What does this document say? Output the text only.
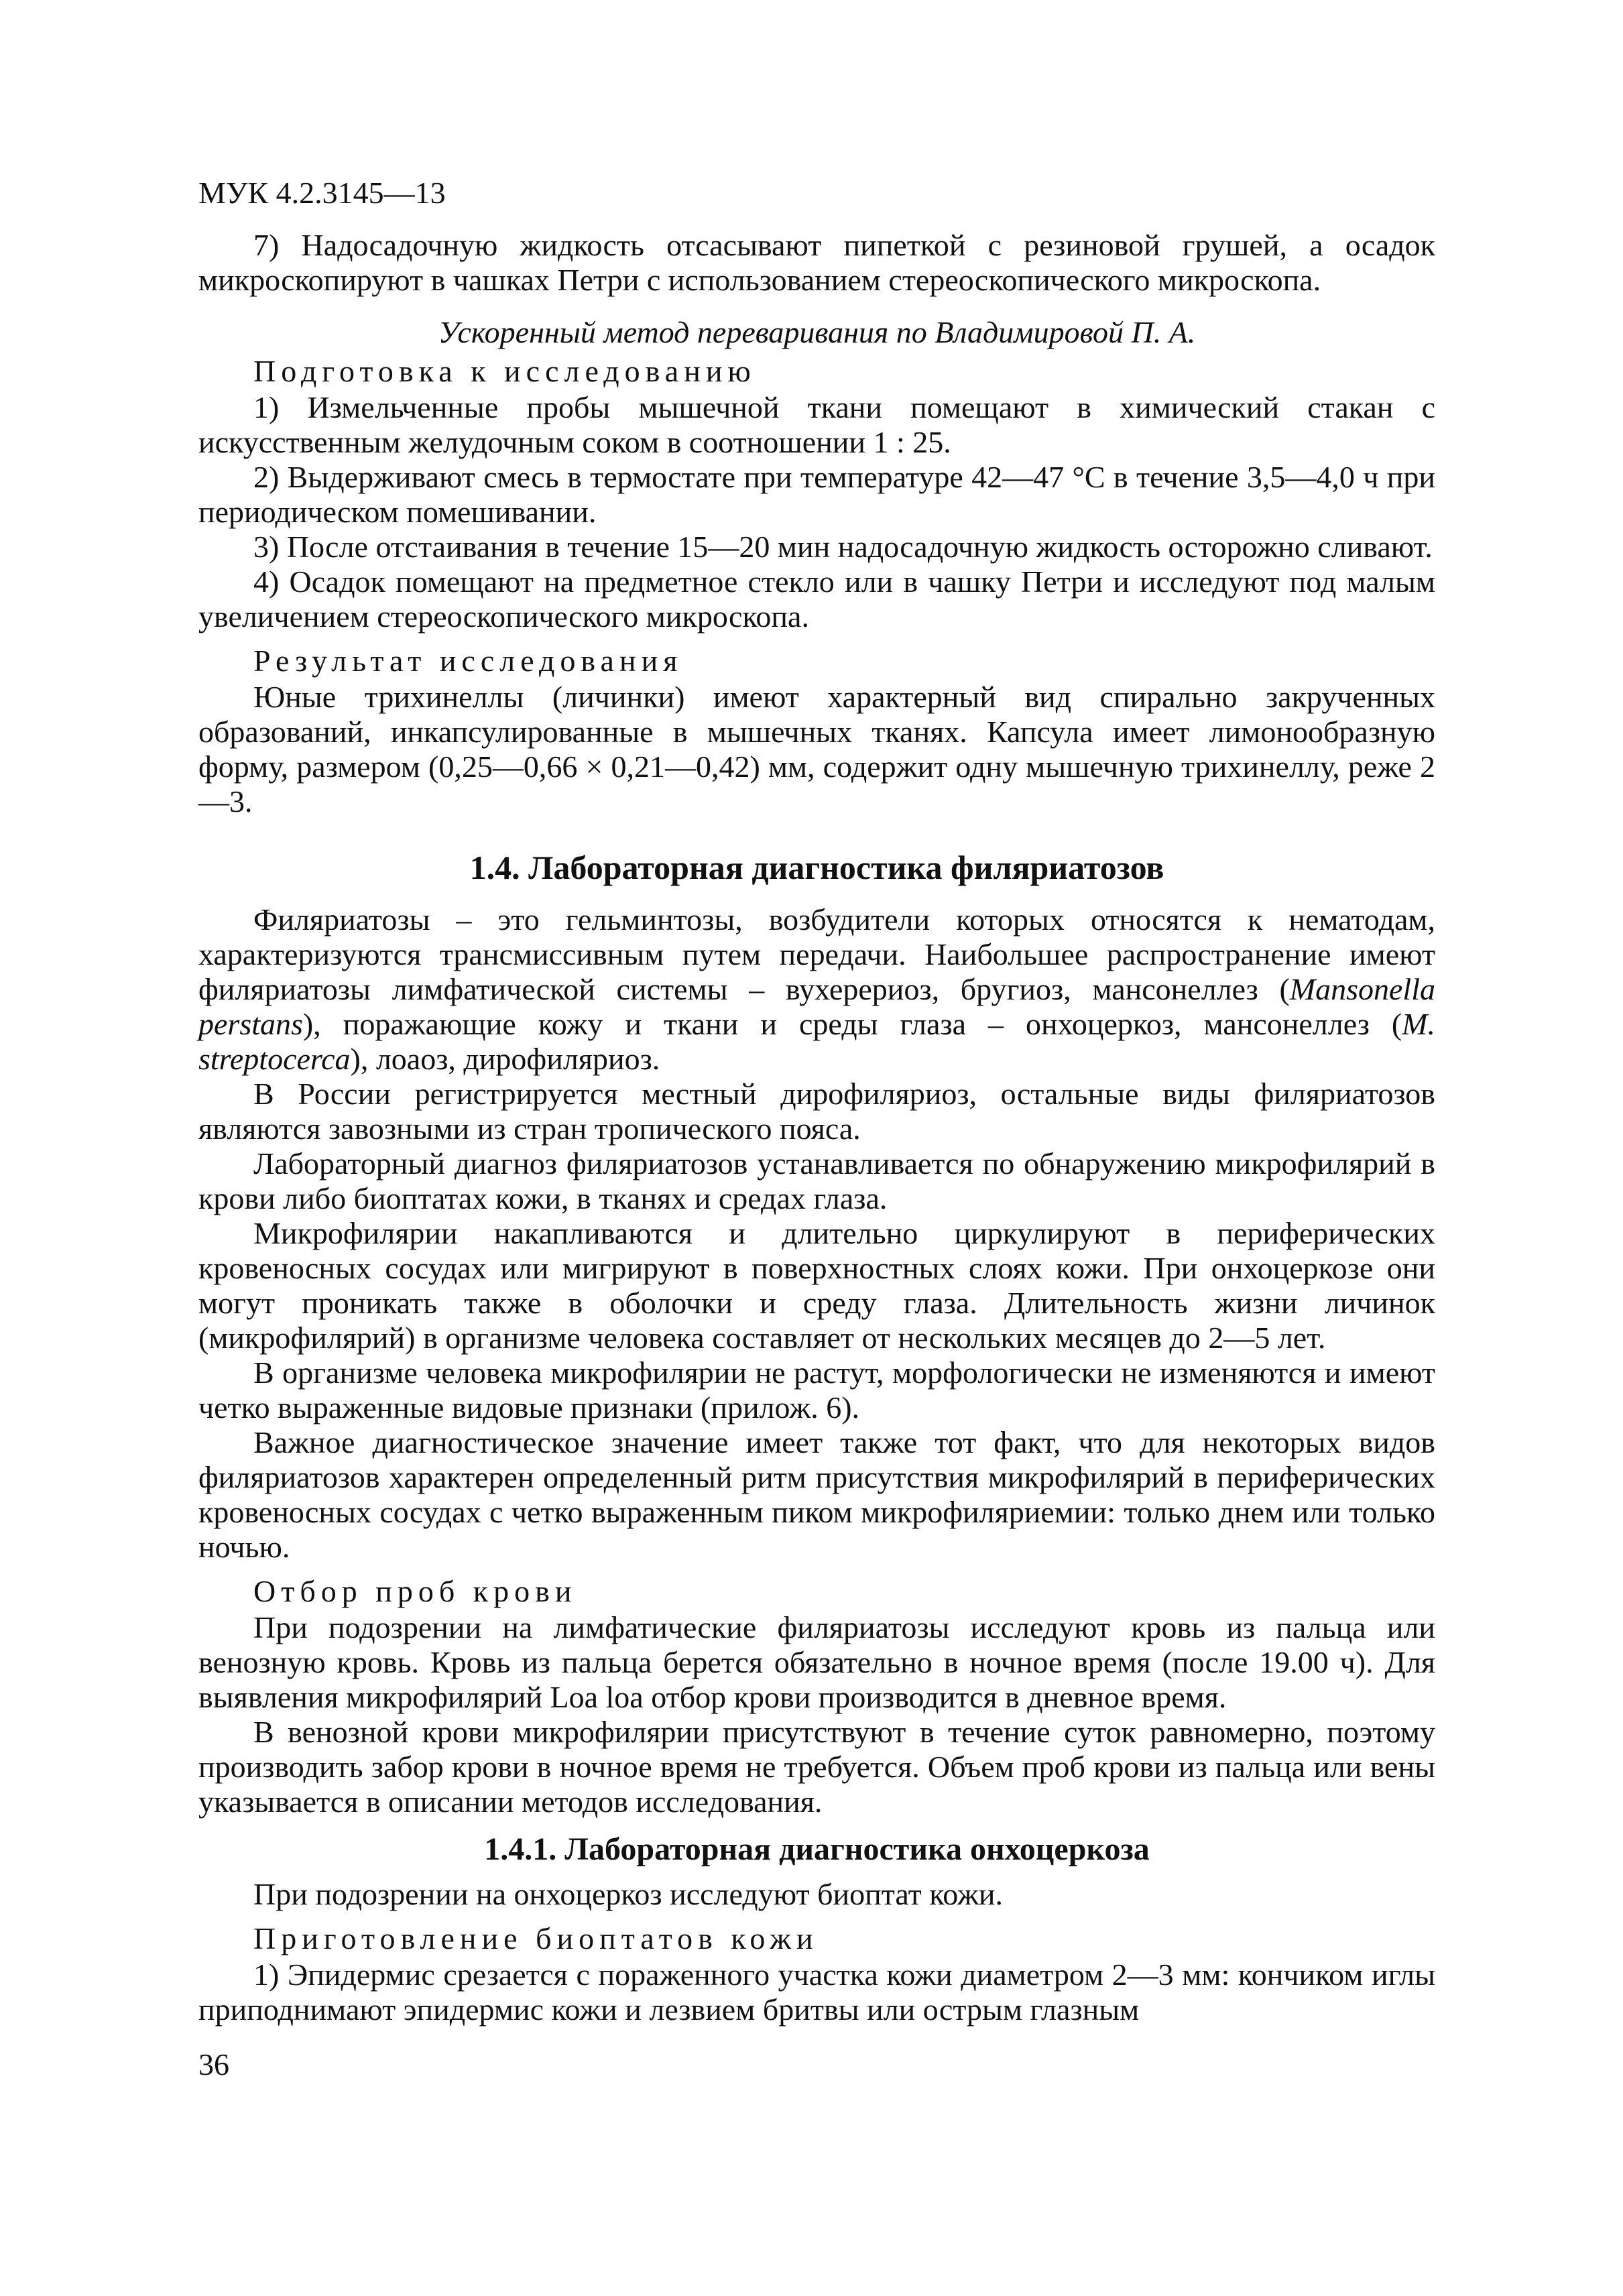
МУК 4.2.3145—13

7) Надосадочную жидкость отсасывают пипеткой с резиновой грушей, а осадок микроскопируют в чашках Петри с использованием стереоскопического микроскопа.

Ускоренный метод переваривания по Владимировой П. А.

Подготовка к исследованию

1) Измельченные пробы мышечной ткани помещают в химический стакан с искусственным желудочным соком в соотношении 1 : 25.

2) Выдерживают смесь в термостате при температуре 42—47 °С в течение 3,5—4,0 ч при периодическом помешивании.

3) После отстаивания в течение 15—20 мин надосадочную жидкость осторожно сливают.

4) Осадок помещают на предметное стекло или в чашку Петри и исследуют под малым увеличением стереоскопического микроскопа.

Результат исследования

Юные трихинеллы (личинки) имеют характерный вид спирально закрученных образований, инкапсулированные в мышечных тканях. Капсула имеет лимонообразную форму, размером (0,25—0,66 × 0,21—0,42) мм, содержит одну мышечную трихинеллу, реже 2—3.

1.4. Лабораторная диагностика филяриатозов

Филяриатозы – это гельминтозы, возбудители которых относятся к нематодам, характеризуются трансмиссивным путем передачи. Наибольшее распространение имеют филяриатозы лимфатической системы – вухерериоз, бругиоз, мансонеллез (Mansonella perstans), поражающие кожу и ткани и среды глаза – онхоцеркоз, мансонеллез (M. streptocerca), лоаоз, дирофиляриоз.

В России регистрируется местный дирофиляриоз, остальные виды филяриатозов являются завозными из стран тропического пояса.

Лабораторный диагноз филяриатозов устанавливается по обнаружению микрофилярий в крови либо биоптатах кожи, в тканях и средах глаза.

Микрофилярии накапливаются и длительно циркулируют в периферических кровеносных сосудах или мигрируют в поверхностных слоях кожи. При онхоцеркозе они могут проникать также в оболочки и среду глаза. Длительность жизни личинок (микрофилярий) в организме человека составляет от нескольких месяцев до 2—5 лет.

В организме человека микрофилярии не растут, морфологически не изменяются и имеют четко выраженные видовые признаки (прилож. 6).

Важное диагностическое значение имеет также тот факт, что для некоторых видов филяриатозов характерен определенный ритм присутствия микрофилярий в периферических кровеносных сосудах с четко выраженным пиком микрофиляриемии: только днем или только ночью.

Отбор проб крови

При подозрении на лимфатические филяриатозы исследуют кровь из пальца или венозную кровь. Кровь из пальца берется обязательно в ночное время (после 19.00 ч). Для выявления микрофилярий Loa loa отбор крови производится в дневное время.

В венозной крови микрофилярии присутствуют в течение суток равномерно, поэтому производить забор крови в ночное время не требуется. Объем проб крови из пальца или вены указывается в описании методов исследования.

1.4.1. Лабораторная диагностика онхоцеркоза

При подозрении на онхоцеркоз исследуют биоптат кожи.

Приготовление биоптатов кожи

1) Эпидермис срезается с пораженного участка кожи диаметром 2—3 мм: кончиком иглы приподнимают эпидермис кожи и лезвием бритвы или острым глазным

36
